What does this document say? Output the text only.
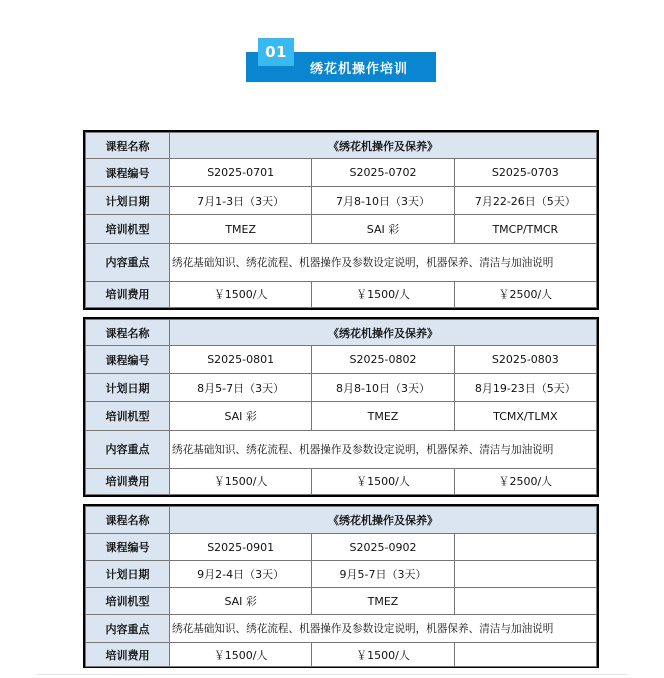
01
绣花机操作培训
课程名称	《绣花机操作及保养》		
课程编号	S2025-0701	S2025-0702	S2025-0703
计划日期	7月1-3日（3天）	7月8-10日（3天）	7月22-26日（5天）
培训机型	TMEZ	SAI 彩	TMCP/TMCR
内容重点	绣花基础知识、绣花流程、机器操作及参数设定说明，机器保养、清洁与加油说明		
培训费用	￥1500/人	￥1500/人	￥2500/人
课程名称	《绣花机操作及保养》		
课程编号	S2025-0801	S2025-0802	S2025-0803
计划日期	8月5-7日（3天）	8月8-10日（3天）	8月19-23日（5天）
培训机型	SAI 彩	TMEZ	TCMX/TLMX
内容重点	绣花基础知识、绣花流程、机器操作及参数设定说明，机器保养、清洁与加油说明		
培训费用	￥1500/人	￥1500/人	￥2500/人
课程名称	《绣花机操作及保养》		
课程编号	S2025-0901	S2025-0902	
计划日期	9月2-4日（3天）	9月5-7日（3天）	
培训机型	SAI 彩	TMEZ	
内容重点	绣花基础知识、绣花流程、机器操作及参数设定说明，机器保养、清洁与加油说明		
培训费用	￥1500/人	￥1500/人	
